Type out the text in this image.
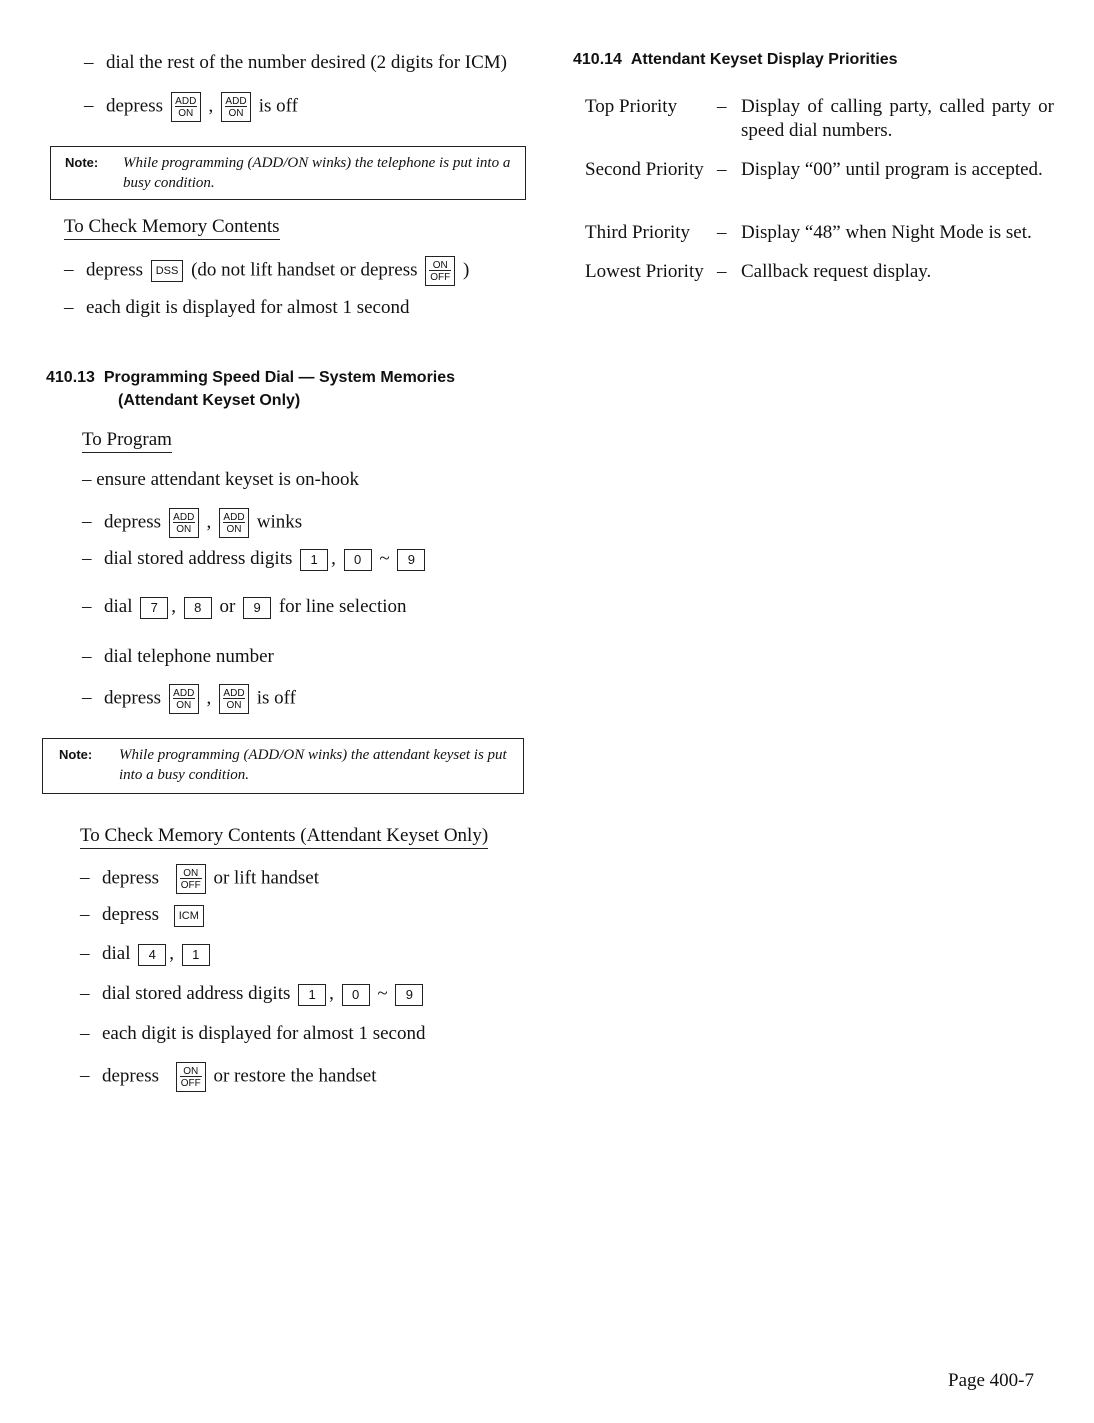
– dial the rest of the number desired (2 digits for ICM)
– depress	ADD
ON ,	ADD
ON is off
Note: While programming (ADD/ON winks) the telephone is put into a busy condition.
To Check Memory Contents
– depress DSS (do not lift handset or depress	ON
OFF )
– each digit is displayed for almost 1 second
410.13 Programming Speed Dial — System Memories
(Attendant Keyset Only)
To Program
– ensure attendant keyset is on-hook
– depress	ADD
ON ,	ADD
ON winks
– dial stored address digits 1 , 0 ~ 9
– dial 7 , 8 or 9 for line selection
– dial telephone number
– depress	ADD
ON ,	ADD
ON is off
Note: While programming (ADD/ON winks) the attendant keyset is put into a busy condition.
To Check Memory Contents (Attendant Keyset Only)
– depress	ON
OFF or lift handset
– depress ICM
– dial 4 , 1
– dial stored address digits 1 , 0 ~ 9
– each digit is displayed for almost 1 second
– depress	ON
OFF or restore the handset
410.14 Attendant Keyset Display Priorities
Top Priority – Display of calling party, called party or speed dial numbers.
Second Priority – Display “00” until program is accepted.
Third Priority – Display “48” when Night Mode is set.
Lowest Priority – Callback request display.
Page 400-7
